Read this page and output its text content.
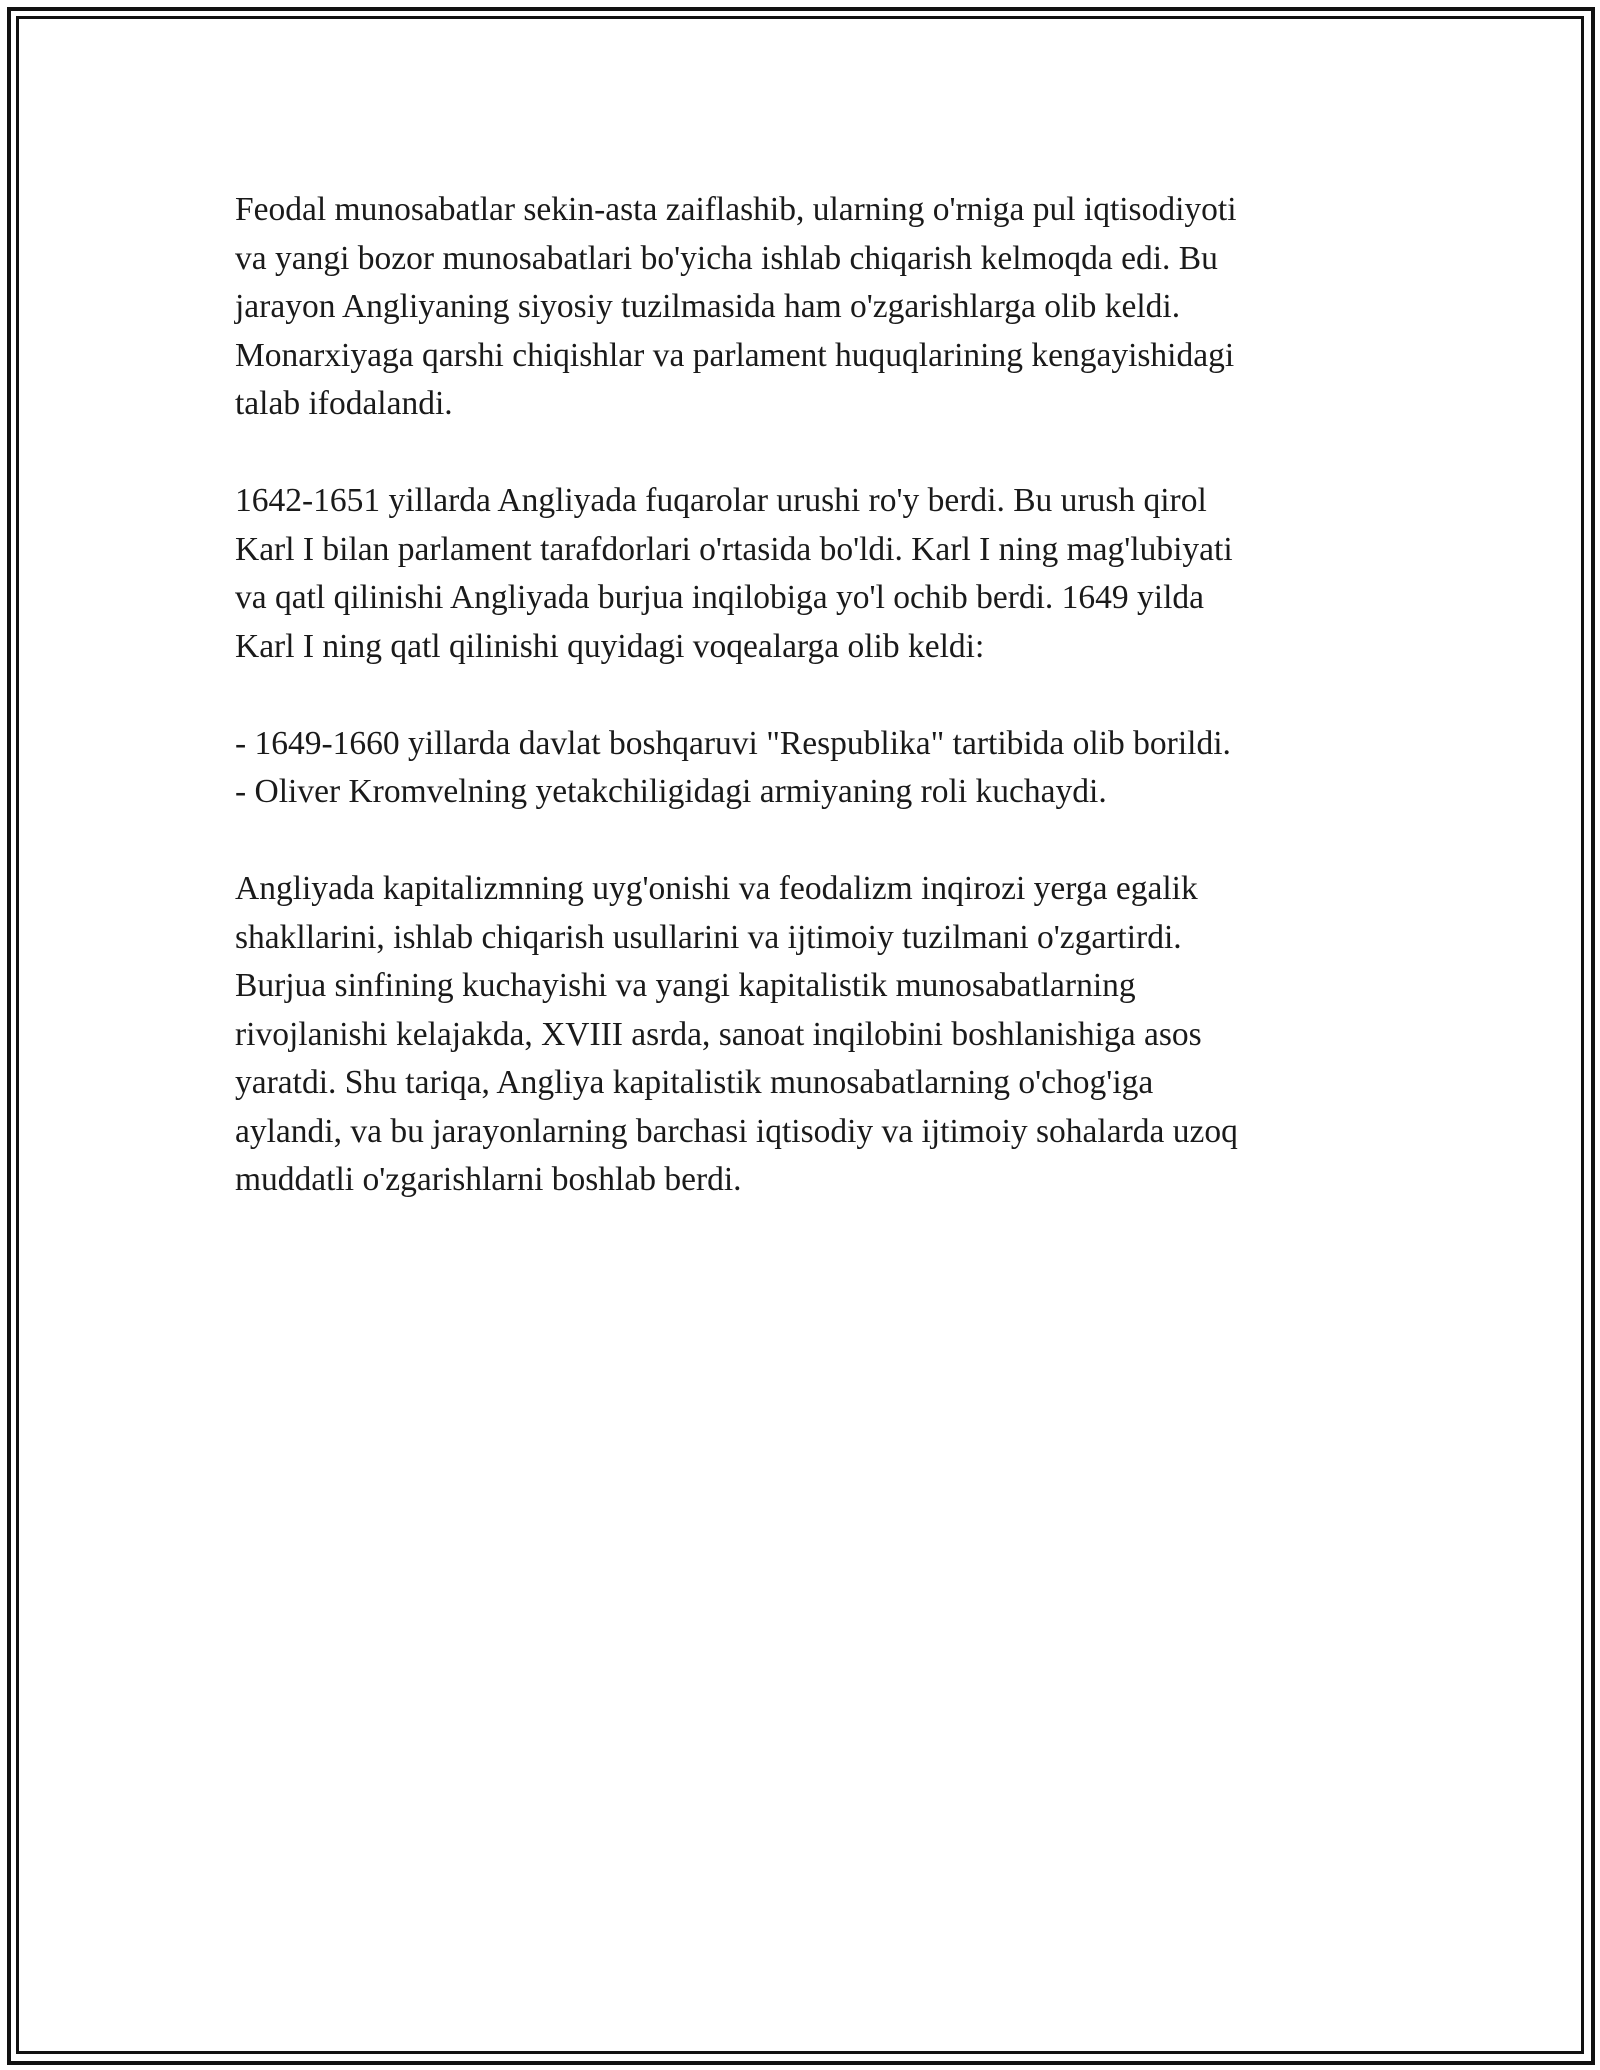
Feodal munosabatlar sekin-asta zaiflashib, ularning o'rniga pul iqtisodiyoti
va yangi bozor munosabatlari bo'yicha ishlab chiqarish kelmoqda edi. Bu
jarayon Angliyaning siyosiy tuzilmasida ham o'zgarishlarga olib keldi.
Monarxiyaga qarshi chiqishlar va parlament huquqlarining kengayishidagi
talab ifodalandi.
1642-1651 yillarda Angliyada fuqarolar urushi ro'y berdi. Bu urush qirol
Karl I bilan parlament tarafdorlari o'rtasida bo'ldi. Karl I ning mag'lubiyati
va qatl qilinishi Angliyada burjua inqilobiga yo'l ochib berdi. 1649 yilda
Karl I ning qatl qilinishi quyidagi voqealarga olib keldi:
- 1649-1660 yillarda davlat boshqaruvi "Respublika" tartibida olib borildi.
- Oliver Kromvelning yetakchiligidagi armiyaning roli kuchaydi.
Angliyada kapitalizmning uyg'onishi va feodalizm inqirozi yerga egalik
shakllarini, ishlab chiqarish usullarini va ijtimoiy tuzilmani o'zgartirdi.
Burjua sinfining kuchayishi va yangi kapitalistik munosabatlarning
rivojlanishi kelajakda, XVIII asrda, sanoat inqilobini boshlanishiga asos
yaratdi. Shu tariqa, Angliya kapitalistik munosabatlarning o'chog'iga
aylandi, va bu jarayonlarning barchasi iqtisodiy va ijtimoiy sohalarda uzoq
muddatli o'zgarishlarni boshlab berdi.
